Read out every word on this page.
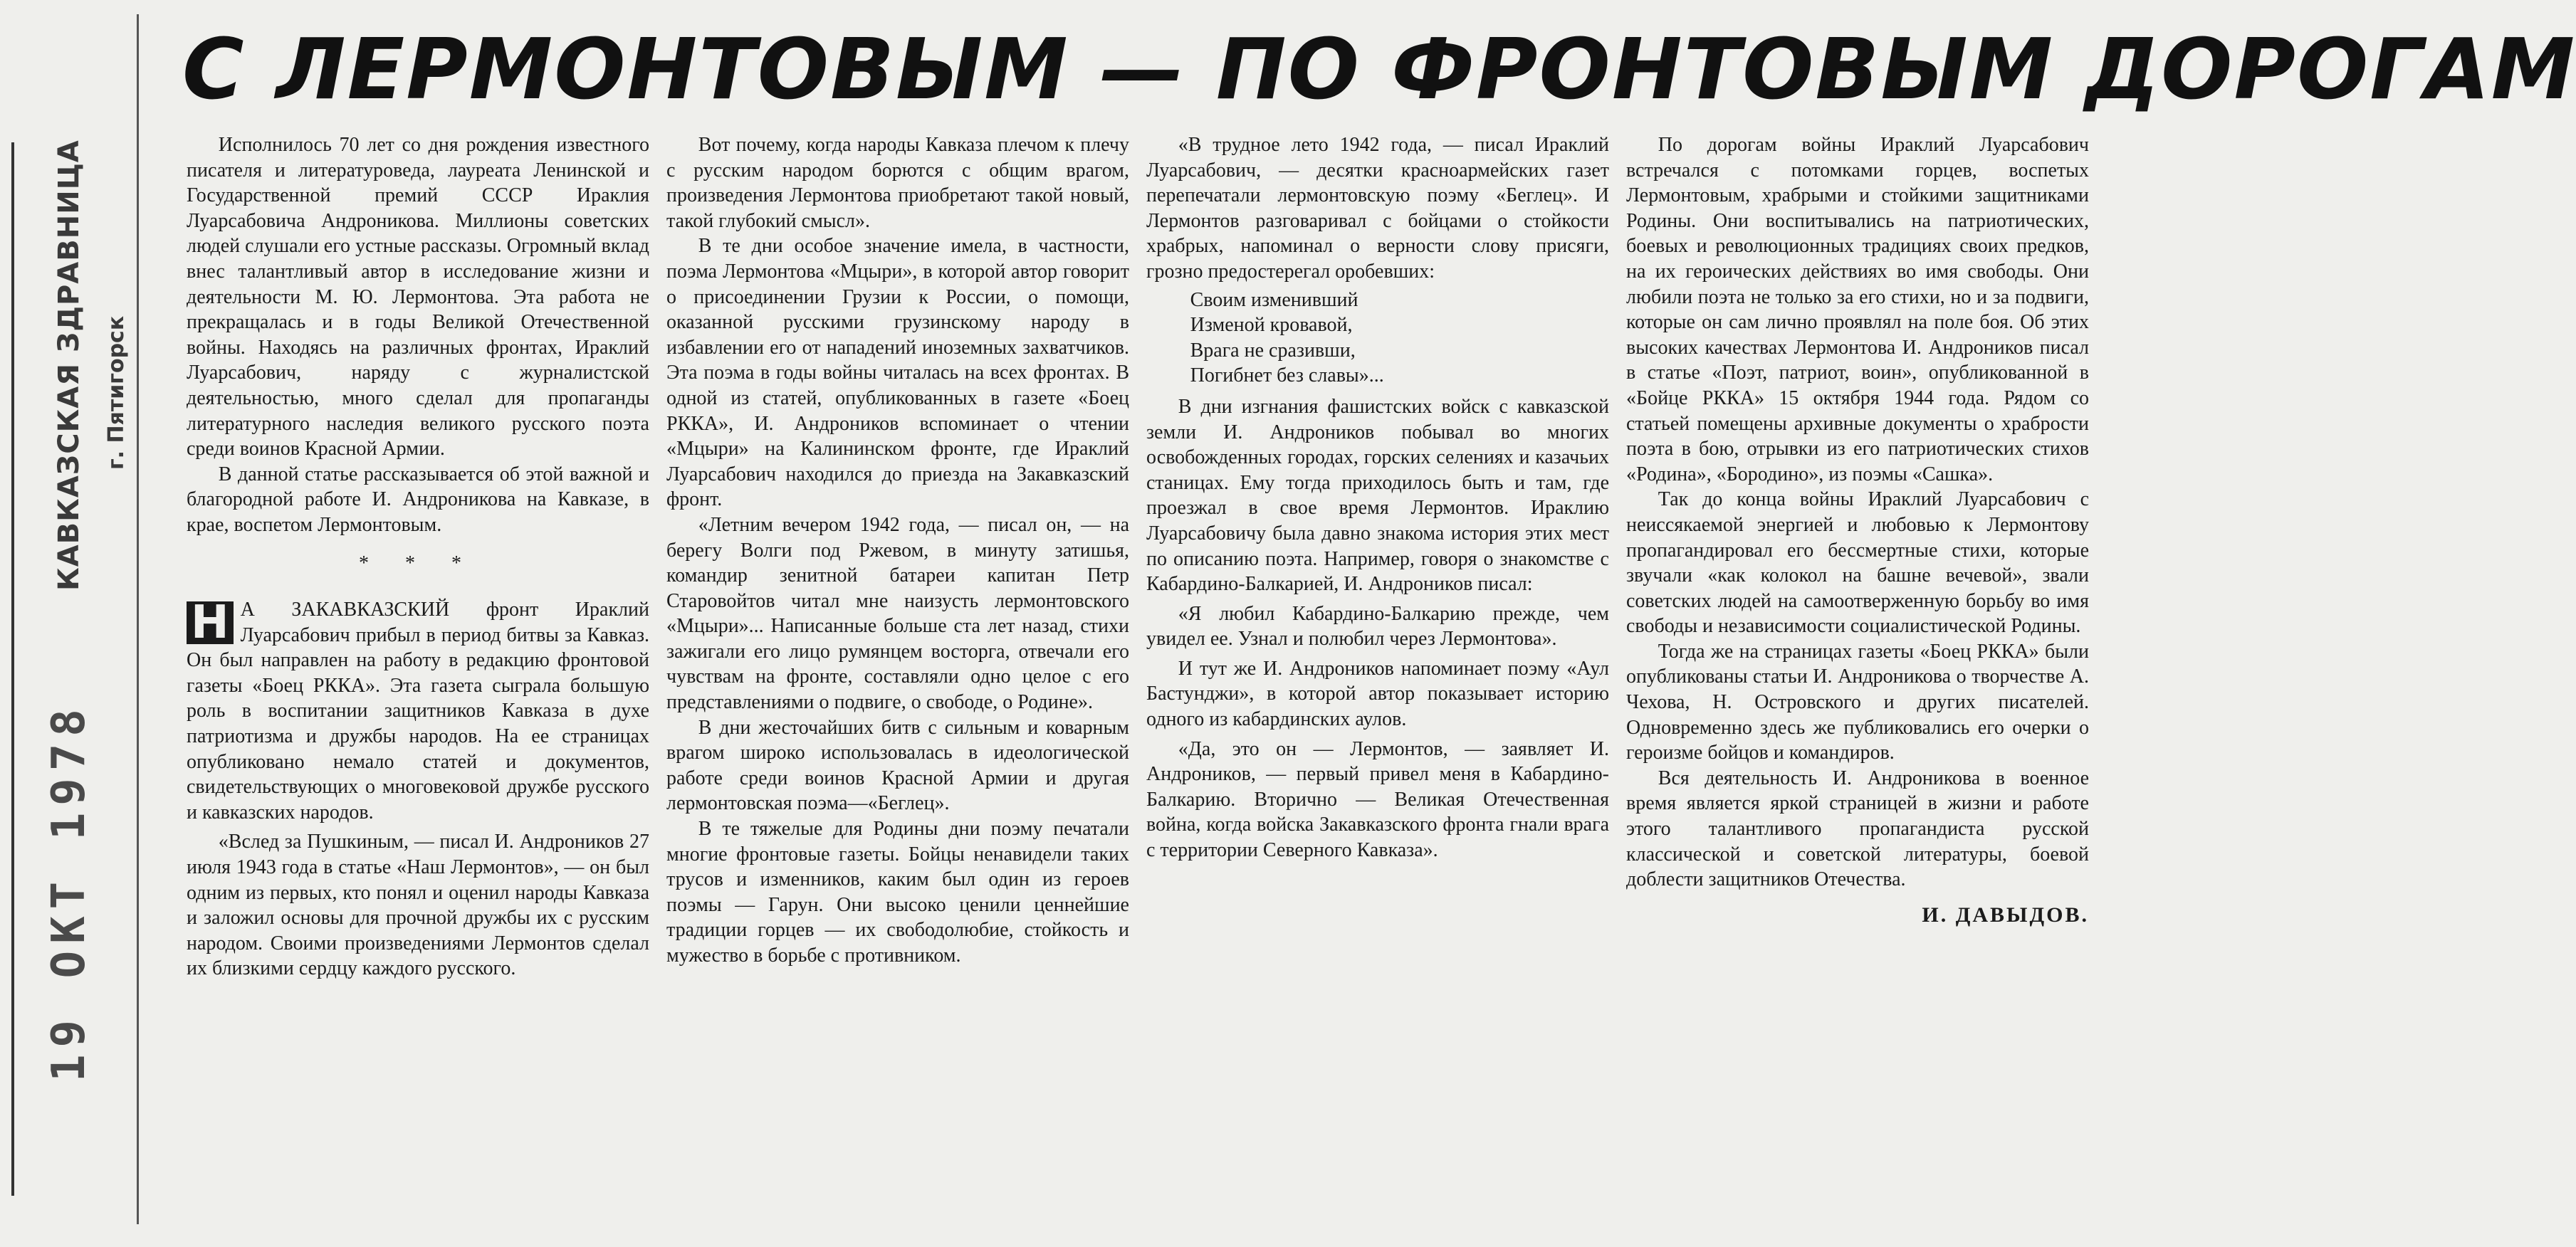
КАВКАЗСКАЯ ЗДРАВНИЦА г. Пятигорск
19 ОКТ 1978
С ЛЕРМОНТОВЫМ — ПО ФРОНТОВЫМ ДОРОГАМ

Исполнилось 70 лет со дня рождения известного писателя и литературоведа, лауреата Ленинской и Государственной премий СССР Ираклия Луарсабовича Андроникова. Миллионы советских людей слушали его устные рассказы. Огромный вклад внес талантливый автор в исследование жизни и деятельности М. Ю. Лермонтова. Эта работа не прекращалась и в годы Великой Отечественной войны. Находясь на различных фронтах, Ираклий Луарсабович, наряду с журналистской деятельностью, много сделал для пропаганды литературного наследия великого русского поэта среди воинов Красной Армии.

В данной статье рассказывается об этой важной и благородной работе И. Андроникова на Кавказе, в крае, воспетом Лермонтовым.

* * *

Н А ЗАКАВКАЗСКИЙ фронт Ираклий Луарсабович прибыл в период битвы за Кавказ. Он был направлен на работу в редакцию фронтовой газеты «Боец РККА». Эта газета сыграла большую роль в воспитании защитников Кавказа в духе патриотизма и дружбы народов. На ее страницах опубликовано немало статей и документов, свидетельствующих о многовековой дружбе русского и кавказских народов.

«Вслед за Пушкиным, — писал И. Андроников 27 июля 1943 года в статье «Наш Лермонтов», — он был одним из первых, кто понял и оценил народы Кавказа и заложил основы для прочной дружбы их с русским народом. Своими произведениями Лермонтов сделал их близкими сердцу каждого русского.

Вот почему, когда народы Кавказа плечом к плечу с русским народом борются с общим врагом, произведения Лермонтова приобретают такой новый, такой глубокий смысл».

В те дни особое значение имела, в частности, поэма Лермонтова «Мцыри», в которой автор говорит о присоединении Грузии к России, о помощи, оказанной русскими грузинскому народу в избавлении его от нападений иноземных захватчиков. Эта поэма в годы войны читалась на всех фронтах. В одной из статей, опубликованных в газете «Боец РККА», И. Андроников вспоминает о чтении «Мцыри» на Калининском фронте, где Ираклий Луарсабович находился до приезда на Закавказский фронт.

«Летним вечером 1942 года, — писал он, — на берегу Волги под Ржевом, в минуту затишья, командир зенитной батареи капитан Петр Старовойтов читал мне наизусть лермонтовского «Мцыри»... Написанные больше ста лет назад, стихи зажигали его лицо румянцем восторга, отвечали его чувствам на фронте, составляли одно целое с его представлениями о подвиге, о свободе, о Родине».

В дни жесточайших битв с сильным и коварным врагом широко использовалась в идеологической работе среди воинов Красной Армии и другая лермонтовская поэма—«Беглец».

В те тяжелые для Родины дни поэму печатали многие фронтовые газеты. Бойцы ненавидели таких трусов и изменников, каким был один из героев поэмы — Гарун. Они высоко ценили ценнейшие традиции горцев — их свободолюбие, стойкость и мужество в борьбе с противником.

«В трудное лето 1942 года, — писал Ираклий Луарсабович, — десятки красноармейских газет перепечатали лермонтовскую поэму «Беглец». И Лермонтов разговаривал с бойцами о стойкости храбрых, напоминал о верности слову присяги, грозно предостерегал оробевших:

Своим изменивший
Изменой кровавой,
Врага не сразивши,
Погибнет без славы»...

В дни изгнания фашистских войск с кавказской земли И. Андроников побывал во многих освобожденных городах, горских селениях и казачьих станицах. Ему тогда приходилось быть и там, где проезжал в свое время Лермонтов. Ираклию Луарсабовичу была давно знакома история этих мест по описанию поэта. Например, говоря о знакомстве с Кабардино-Балкарией, И. Андроников писал:

«Я любил Кабардино-Балкарию прежде, чем увидел ее. Узнал и полюбил через Лермонтова».

И тут же И. Андроников напоминает поэму «Аул Бастунджи», в которой автор показывает историю одного из кабардинских аулов.

«Да, это он — Лермонтов, — заявляет И. Андроников, — первый привел меня в Кабардино-Балкарию. Вторично — Великая Отечественная война, когда войска Закавказского фронта гнали врага с территории Северного Кавказа».

По дорогам войны Ираклий Луарсабович встречался с потомками горцев, воспетых Лермонтовым, храбрыми и стойкими защитниками Родины. Они воспитывались на патриотических, боевых и революционных традициях своих предков, на их героических действиях во имя свободы. Они любили поэта не только за его стихи, но и за подвиги, которые он сам лично проявлял на поле боя. Об этих высоких качествах Лермонтова И. Андроников писал в статье «Поэт, патриот, воин», опубликованной в «Бойце РККА» 15 октября 1944 года. Рядом со статьей помещены архивные документы о храбрости поэта в бою, отрывки из его патриотических стихов «Родина», «Бородино», из поэмы «Сашка».

Так до конца войны Ираклий Луарсабович с неиссякаемой энергией и любовью к Лермонтову пропагандировал его бессмертные стихи, которые звучали «как колокол на башне вечевой», звали советских людей на самоотверженную борьбу во имя свободы и независимости социалистической Родины.

Тогда же на страницах газеты «Боец РККА» были опубликованы статьи И. Андроникова о творчестве А. Чехова, Н. Островского и других писателей. Одновременно здесь же публиковались его очерки о героизме бойцов и командиров.

Вся деятельность И. Андроникова в военное время является яркой страницей в жизни и работе этого талантливого пропагандиста русской классической и советской литературы, боевой доблести защитников Отечества.

И. ДАВЫДОВ.
